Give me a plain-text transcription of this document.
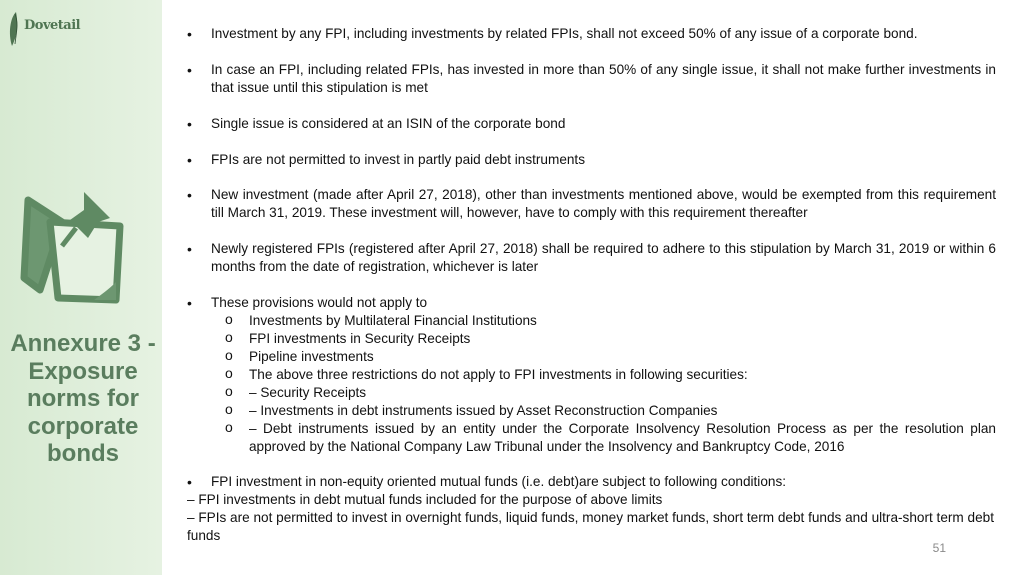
Dovetail
Annexure 3 - Exposure norms for corporate bonds
• Investment by any FPI, including investments by related FPIs, shall not exceed 50% of any issue of a corporate bond.
• In case an FPI, including related FPIs, has invested in more than 50% of any single issue, it shall not make further investments in that issue until this stipulation is met
• Single issue is considered at an ISIN of the corporate bond
• FPIs are not permitted to invest in partly paid debt instruments
• New investment (made after April 27, 2018), other than investments mentioned above, would be exempted from this requirement till March 31, 2019. These investment will, however, have to comply with this requirement thereafter
• Newly registered FPIs (registered after April 27, 2018) shall be required to adhere to this stipulation by March 31, 2019 or within 6 months from the date of registration, whichever is later
• These provisions would not apply to
o Investments by Multilateral Financial Institutions
o FPI investments in Security Receipts
o Pipeline investments
o The above three restrictions do not apply to FPI investments in following securities:
o – Security Receipts
o – Investments in debt instruments issued by Asset Reconstruction Companies
o – Debt instruments issued by an entity under the Corporate Insolvency Resolution Process as per the resolution plan approved by the National Company Law Tribunal under the Insolvency and Bankruptcy Code, 2016
• FPI investment in non-equity oriented mutual funds (i.e. debt)are subject to following conditions:
– FPI investments in debt mutual funds included for the purpose of above limits
– FPIs are not permitted to invest in overnight funds, liquid funds, money market funds, short term debt funds and ultra-short term debt funds
51
